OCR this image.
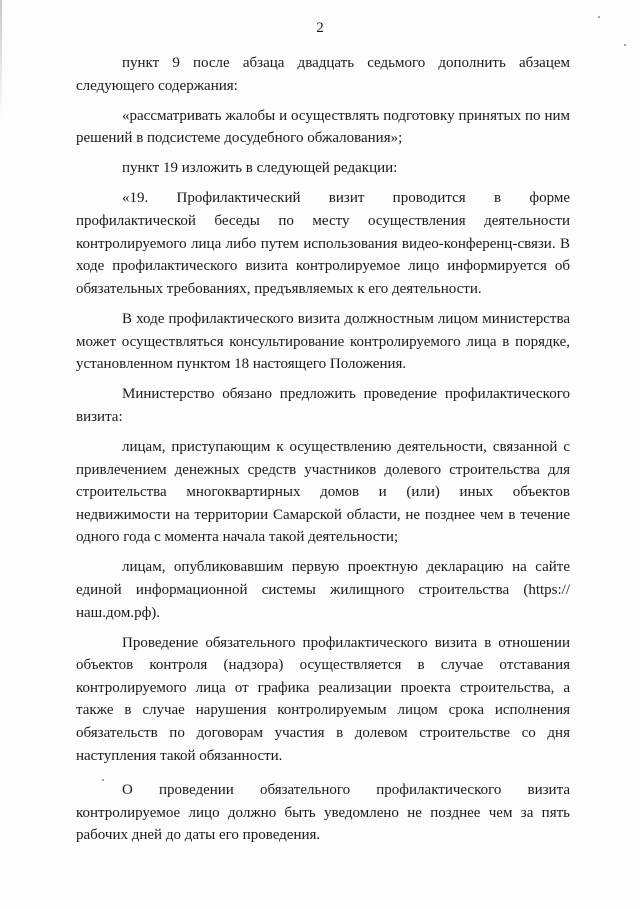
2

пункт 9 после абзаца двадцать седьмого дополнить абзацем следующего содержания:

«рассматривать жалобы и осуществлять подготовку принятых по ним решений в подсистеме досудебного обжалования»;

пункт 19 изложить в следующей редакции:

«19. Профилактический визит проводится в форме профилактической беседы по месту осуществления деятельности контролируемого лица либо путем использования видео-конференц-связи. В ходе профилактического визита контролируемое лицо информируется об обязательных требованиях, предъявляемых к его деятельности.

В ходе профилактического визита должностным лицом министерства может осуществляться консультирование контролируемого лица в порядке, установленном пунктом 18 настоящего Положения.

Министерство обязано предложить проведение профилактического визита:

лицам, приступающим к осуществлению деятельности, связанной с привлечением денежных средств участников долевого строительства для строительства многоквартирных домов и (или) иных объектов недвижимости на территории Самарской области, не позднее чем в течение одного года с момента начала такой деятельности;

лицам, опубликовавшим первую проектную декларацию на сайте единой информационной системы жилищного строительства (https://наш.дом.рф).

Проведение обязательного профилактического визита в отношении объектов контроля (надзора) осуществляется в случае отставания контролируемого лица от графика реализации проекта строительства, а также в случае нарушения контролируемым лицом срока исполнения обязательств по договорам участия в долевом строительстве со дня наступления такой обязанности.

О проведении обязательного профилактического визита контролируемое лицо должно быть уведомлено не позднее чем за пять рабочих дней до даты его проведения.
